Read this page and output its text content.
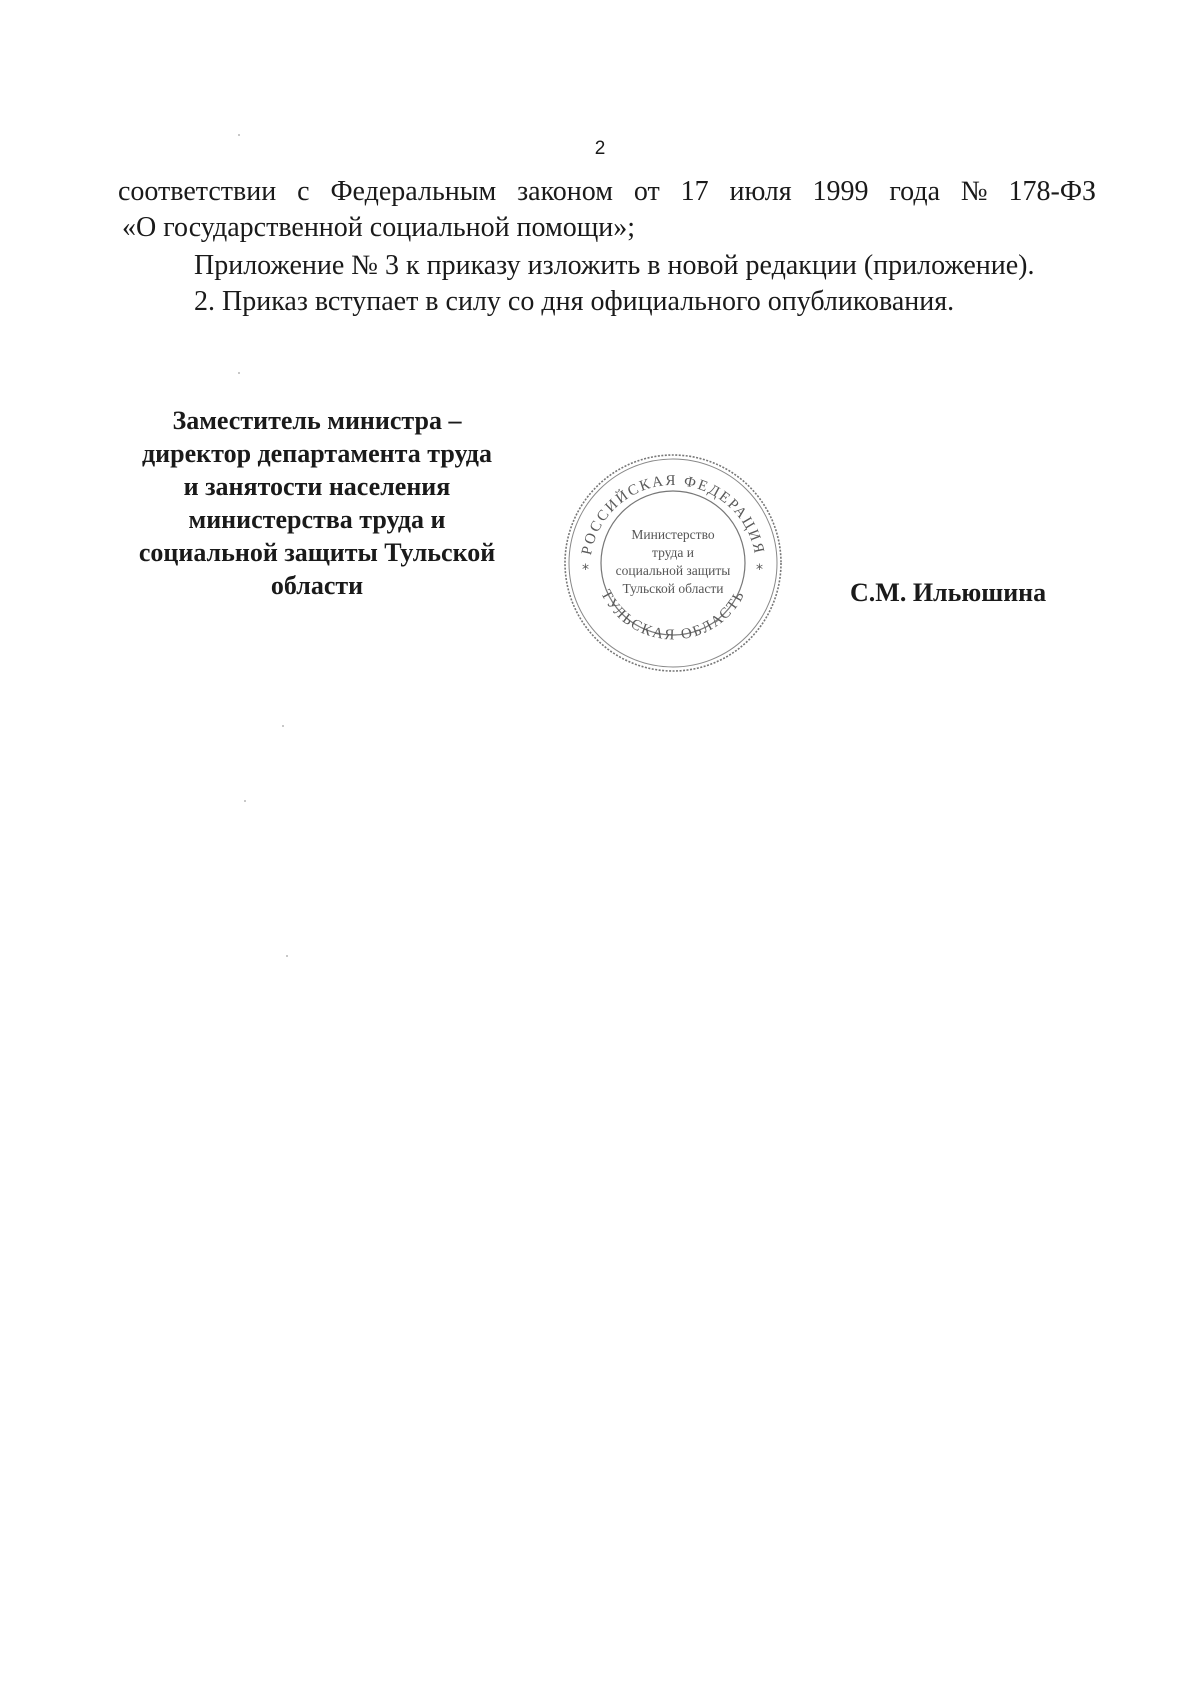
2
соответствии с Федеральным законом от 17 июля 1999 года № 178-ФЗ
«О государственной социальной помощи»;
Приложение № 3 к приказу изложить в новой редакции (приложение).
2. Приказ вступает в силу со дня официального опубликования.
Заместитель министра –
директор департамента труда
и занятости населения
министерства труда и
социальной защиты Тульской
области
РОССИЙСКАЯ ФЕДЕРАЦИЯ
ТУЛЬСКАЯ ОБЛАСТЬ
Министерство
труда и
социальной защиты
Тульской области
*	*
С.М. Ильюшина
